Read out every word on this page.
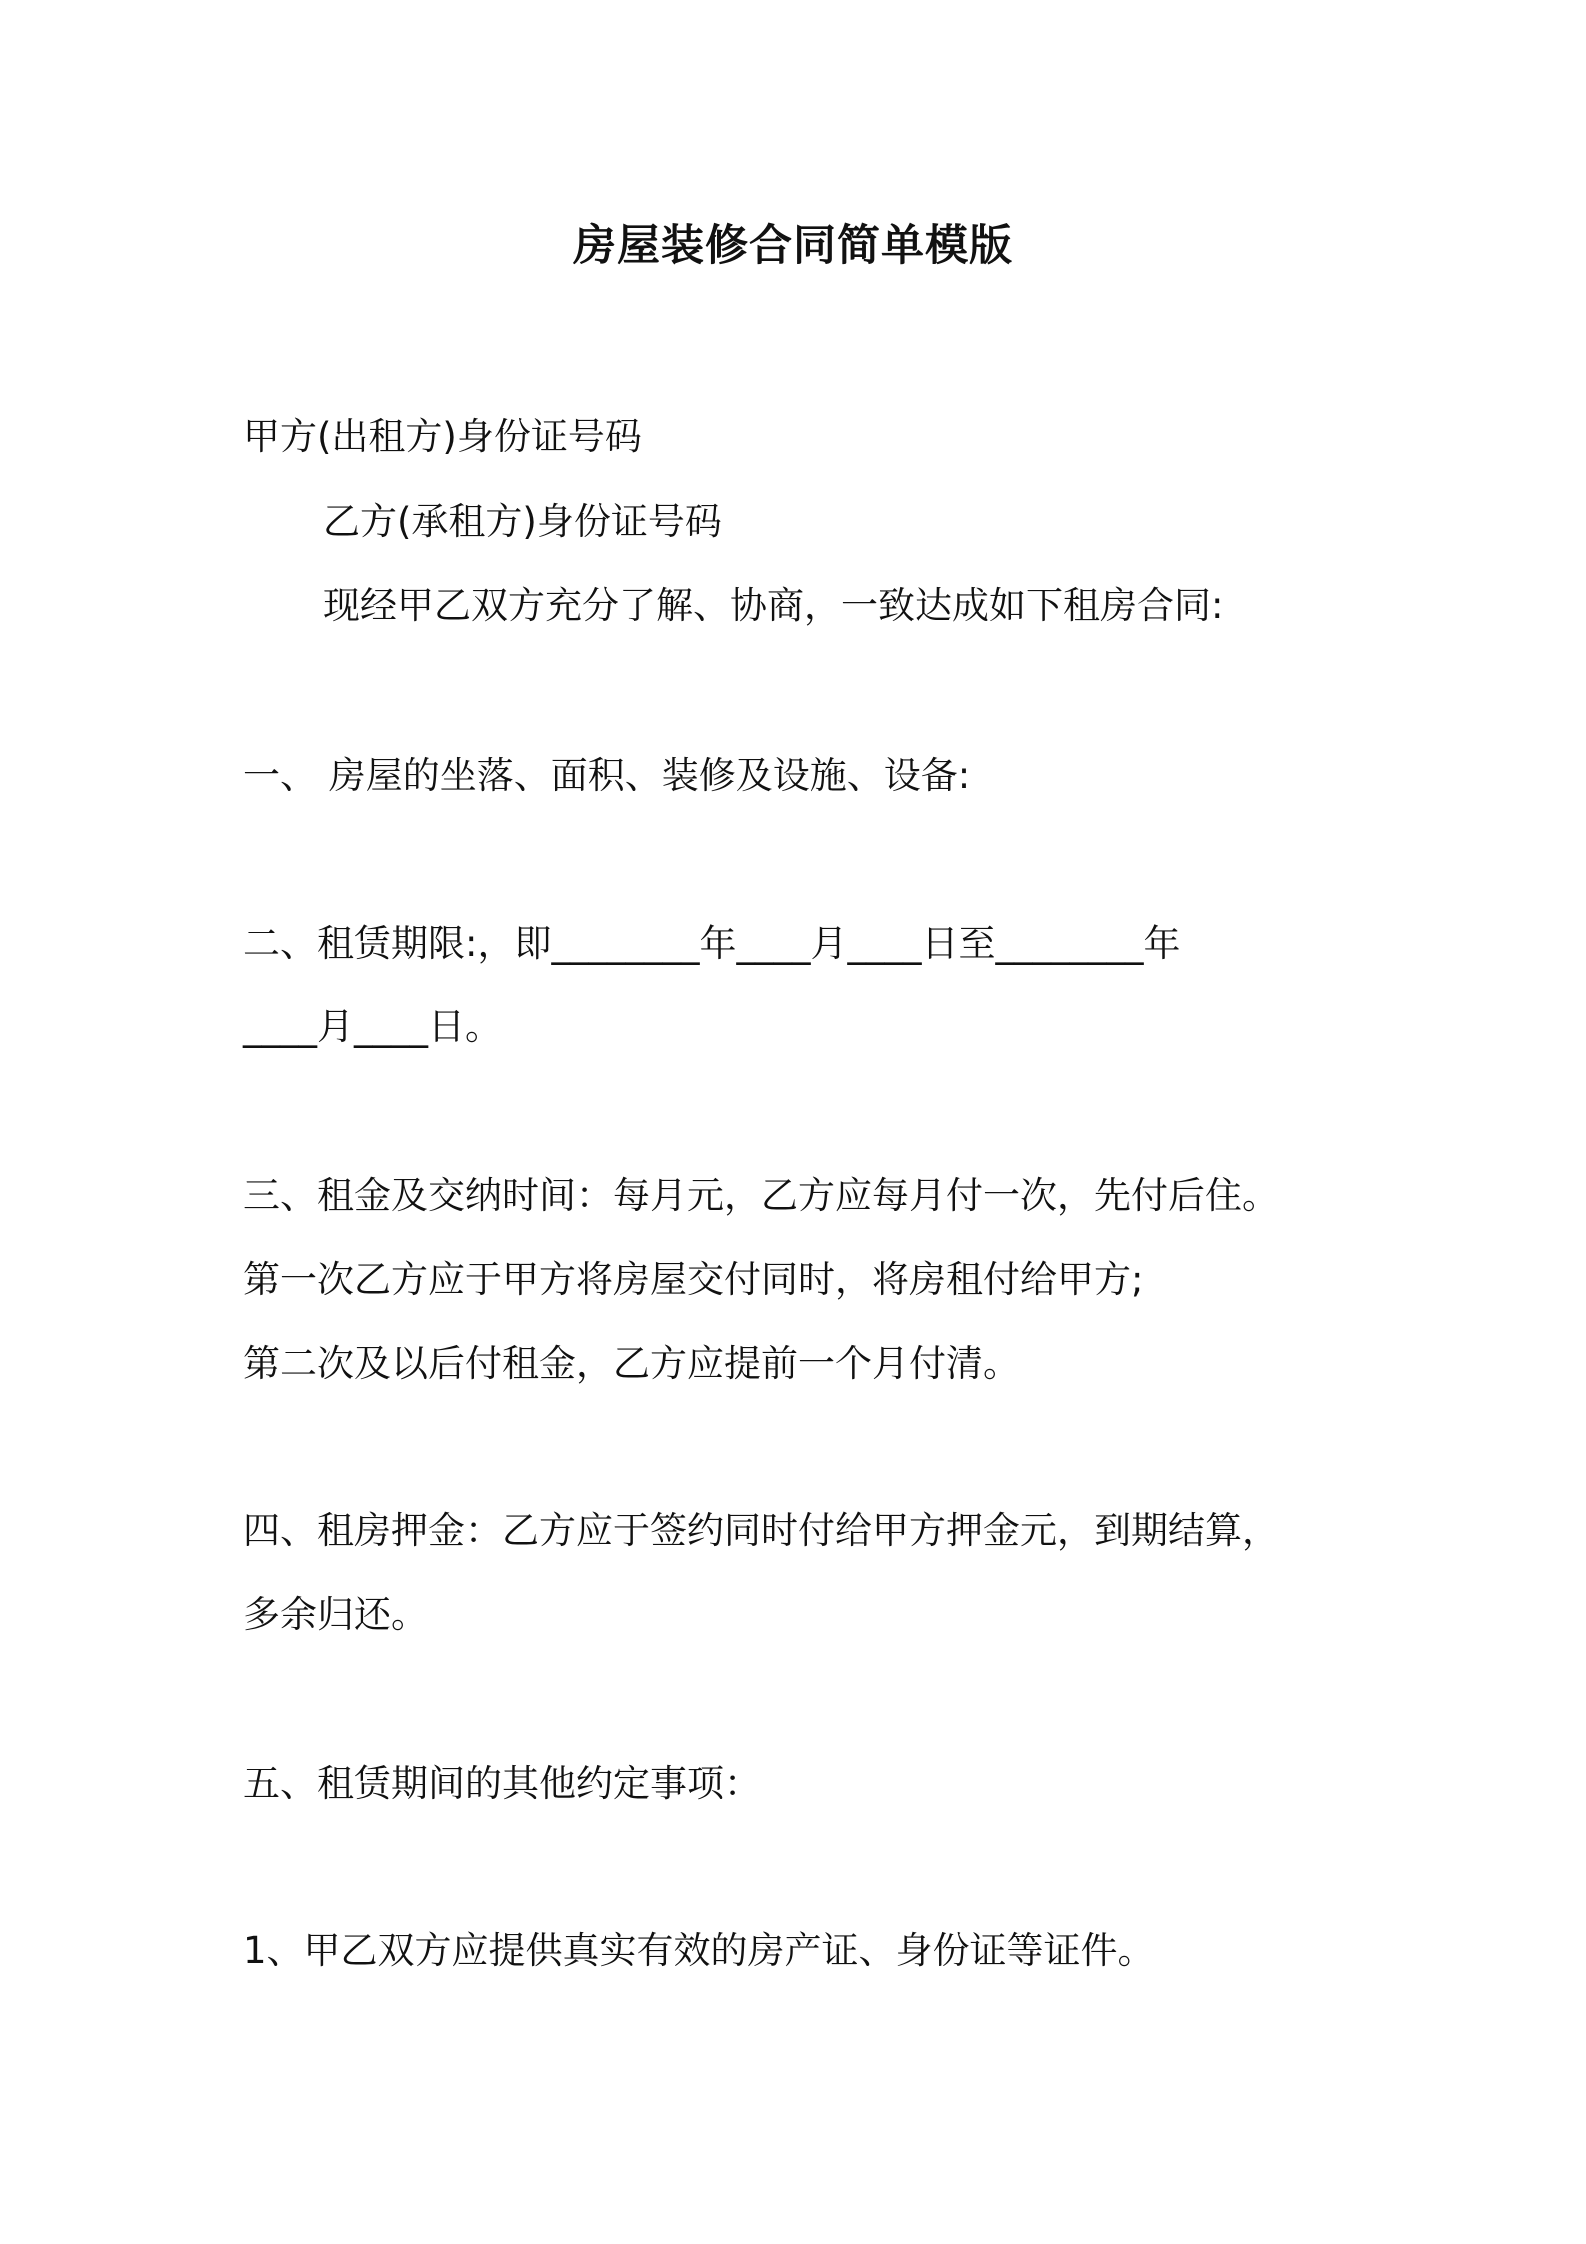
房屋装修合同简单模版
甲方(出租方)身份证号码
乙方(承租方)身份证号码
现经甲乙双方充分了解、协商，一致达成如下租房合同:
一、 房屋的坐落、面积、装修及设施、设备:
二、租赁期限:，即________年____月____日至________年
____月____日。
三、租金及交纳时间：每月元，乙方应每月付一次，先付后住。
第一次乙方应于甲方将房屋交付同时，将房租付给甲方;
第二次及以后付租金，乙方应提前一个月付清。
四、租房押金：乙方应于签约同时付给甲方押金元，到期结算，
多余归还。
五、租赁期间的其他约定事项：
1、甲乙双方应提供真实有效的房产证、身份证等证件。
